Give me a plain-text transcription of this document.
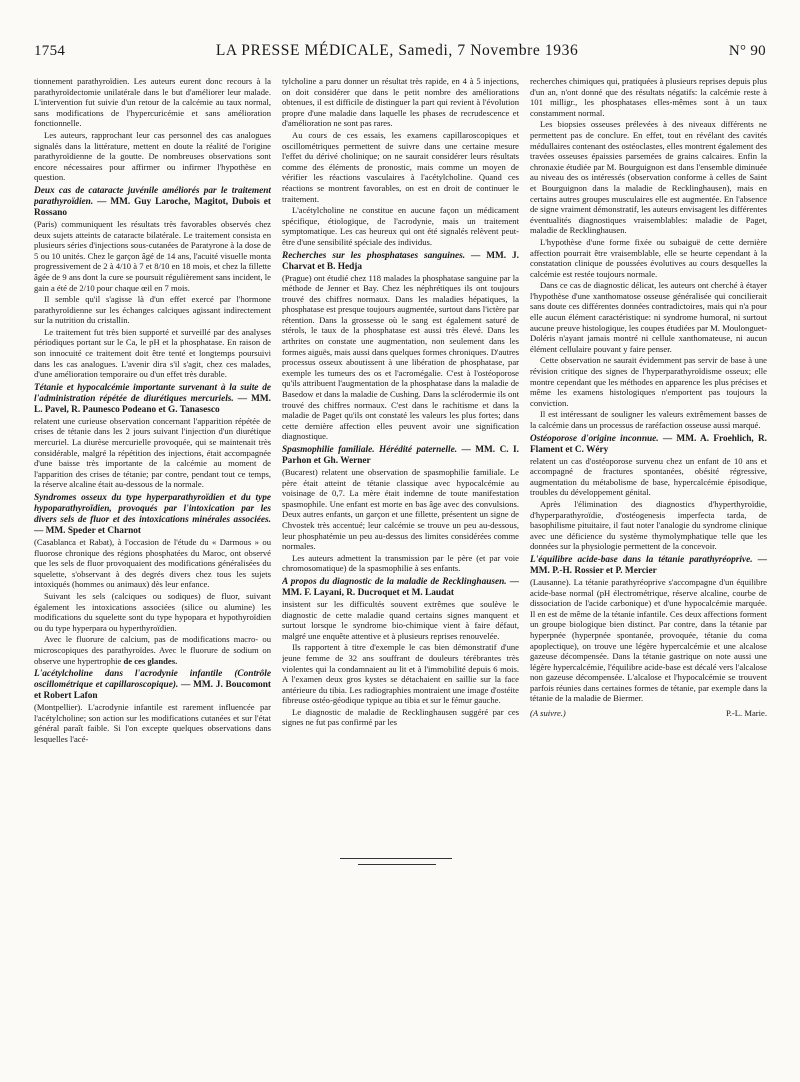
1754	LA PRESSE MÉDICALE, Samedi, 7 Novembre 1936	N° 90

tionnement parathyroïdien. Les auteurs eurent donc recours à la parathyroïdectomie unilatérale dans le but d'améliorer leur malade. L'intervention fut suivie d'un retour de la calcémie au taux normal, sans modifications de l'hypercuricémie et sans amélioration fonctionnelle.

Les auteurs, rapprochant leur cas personnel des cas analogues signalés dans la littérature, mettent en doute la réalité de l'origine parathyroïdienne de la goutte. De nombreuses observations sont encore nécessaires pour affirmer ou infirmer l'hypothèse en question.

Deux cas de cataracte juvénile améliorés par le traitement parathyroïdien. — MM. Guy Laroche, Magitot, Dubois et Rossano

(Paris) communiquent les résultats très favorables observés chez deux sujets atteints de cataracte bilatérale. Le traitement consista en plusieurs séries d'injections sous-cutanées de Paratyrone à la dose de 5 ou 10 unités. Chez le garçon âgé de 14 ans, l'acuité visuelle monta progressivement de 2 à 4/10 à 7 et 8/10 en 18 mois, et chez la fillette âgée de 9 ans dont la cure se poursuit régulièrement sans incident, le gain a été de 2/10 pour chaque œil en 7 mois.

Il semble qu'il s'agisse là d'un effet exercé par l'hormone parathyroïdienne sur les échanges calciques agissant indirectement sur la nutrition du cristallin.

Le traitement fut très bien supporté et surveillé par des analyses périodiques portant sur le Ca, le pH et la phosphatase. En raison de son innocuité ce traitement doit être tenté et longtemps poursuivi dans les cas analogues. L'avenir dira s'il s'agit, chez ces malades, d'une amélioration temporaire ou d'un effet très durable.

Tétanie et hypocalcémie importante survenant à la suite de l'administration répétée de diurétiques mercuriels. — MM. L. Pavel, R. Paunesco Podeano et G. Tanasesco

relatent une curieuse observation concernant l'apparition répétée de crises de tétanie dans les 2 jours suivant l'injection d'un diurétique mercuriel. La diurèse mercurielle provoquée, qui se maintenait très considérable, malgré la répétition des injections, était accompagnée d'une baisse très importante de la calcémie au moment de l'apparition des crises de tétanie; par contre, pendant tout ce temps, la réserve alcaline était au-dessous de la normale.

Syndromes osseux du type hyperparathyroïdien et du type hypoparathyroïdien, provoqués par l'intoxication par les divers sels de fluor et des intoxications minérales associées. — MM. Speder et Charnot

(Casablanca et Rabat), à l'occasion de l'étude du « Darmous » ou fluorose chronique des régions phosphatées du Maroc, ont observé que les sels de fluor provoquaient des modifications généralisées du squelette, s'observant à des degrés divers chez tous les sujets intoxiqués (hommes ou animaux) dès leur enfance.

Suivant les sels (calciques ou sodiques) de fluor, suivant également les intoxications associées (silice ou alumine) les modifications du squelette sont du type hypopara et hypothyroïdien ou du type hyperpara ou hyperthyroïdien.

Avec le fluorure de calcium, pas de modifications macro- ou microscopiques des parathyroïdes. Avec le fluorure de sodium on observe une hypertrophie de ces glandes.

L'acétylcholine dans l'acrodynie infantile (Contrôle oscillométrique et capillaroscopique). — MM. J. Boucomont et Robert Lafon

(Montpellier). L'acrodynie infantile est rarement influencée par l'acétylcholine; son action sur les modifications cutanées et sur l'état général paraît faible. Si l'on excepte quelques observations dans lesquelles l'acé-

tylcholine a paru donner un résultat très rapide, en 4 à 5 injections, on doit considérer que dans le petit nombre des améliorations obtenues, il est difficile de distinguer la part qui revient à l'évolution propre d'une maladie dans laquelle les phases de recrudescence et d'amélioration ne sont pas rares.

Au cours de ces essais, les examens capillaroscopiques et oscillométriques permettent de suivre dans une certaine mesure l'effet du dérivé cholinique; on ne saurait considérer leurs résultats comme des éléments de pronostic, mais comme un moyen de vérifier les réactions vasculaires à l'acétylcholine. Quand ces réactions se montrent favorables, on est en droit de continuer le traitement.

L'acétylcholine ne constitue en aucune façon un médicament spécifique, étiologique, de l'acrodynie, mais un traitement symptomatique. Les cas heureux qui ont été signalés relèvent peut-être d'une sensibilité spéciale des individus.

Recherches sur les phosphatases sanguines. — MM. J. Charvat et B. Hedja

(Prague) ont étudié chez 118 malades la phosphatase sanguine par la méthode de Jenner et Bay. Chez les néphrétiques ils ont toujours trouvé des chiffres normaux. Dans les maladies hépatiques, la phosphatase est presque toujours augmentée, surtout dans l'ictère par rétention. Dans la grossesse où le sang est également saturé de stérols, le taux de la phosphatase est aussi très élevé. Dans les arthrites on constate une augmentation, non seulement dans les formes aiguës, mais aussi dans quelques formes chroniques. D'autres processus osseux aboutissent à une libération de phosphatase, par exemple les tumeurs des os et l'acromégalie. C'est à l'ostéoporose qu'ils attribuent l'augmentation de la phosphatase dans la maladie de Basedow et dans la maladie de Cushing. Dans la sclérodermie ils ont trouvé des chiffres normaux. C'est dans le rachitisme et dans la maladie de Paget qu'ils ont constaté les valeurs les plus fortes; dans cette dernière affection elles peuvent avoir une signification diagnostique.

Spasmophilie familiale. Hérédité paternelle. — MM. C. I. Parhon et Gh. Werner

(Bucarest) relatent une observation de spasmophilie familiale. Le père était atteint de tétanie classique avec hypocalcémie au voisinage de 0,7. La mère était indemne de toute manifestation spasmophile. Une enfant est morte en bas âge avec des convulsions. Deux autres enfants, un garçon et une fillette, présentent un signe de Chvostek très accentué; leur calcémie se trouve un peu au-dessous, leur phosphatémie un peu au-dessus des limites considérées comme normales.

Les auteurs admettent la transmission par le père (et par voie chromosomatique) de la spasmophilie à ses enfants.

A propos du diagnostic de la maladie de Recklinghausen. — MM. F. Layani, R. Ducroquet et M. Laudat

insistent sur les difficultés souvent extrêmes que soulève le diagnostic de cette maladie quand certains signes manquent et surtout lorsque le syndrome bio-chimique vient à faire défaut, malgré une enquête attentive et à plusieurs reprises renouvelée.

Ils rapportent à titre d'exemple le cas bien démonstratif d'une jeune femme de 32 ans souffrant de douleurs térébrantes très violentes qui la condamnaient au lit et à l'immobilité depuis 6 mois. A l'examen deux gros kystes se détachaient en saillie sur la face antérieure du tibia. Les radiographies montraient une image d'ostéite fibreuse ostéo-géodique typique au tibia et sur le fémur gauche.

Le diagnostic de maladie de Recklinghausen suggéré par ces signes ne fut pas confirmé par les

recherches chimiques qui, pratiquées à plusieurs reprises depuis plus d'un an, n'ont donné que des résultats négatifs: la calcémie reste à 101 milligr., les phosphatases elles-mêmes sont à un taux constamment normal.

Les biopsies osseuses prélevées à des niveaux différents ne permettent pas de conclure. En effet, tout en révélant des cavités médullaires contenant des ostéoclastes, elles montrent également des travées osseuses épaissies parsemées de grains calcaires. Enfin la chronaxie étudiée par M. Bourguignon est dans l'ensemble diminuée au niveau des os intéressés (observation conforme à celles de Saint et Bourguignon dans la maladie de Recklinghausen), mais en certains autres groupes musculaires elle est augmentée. En l'absence de signe vraiment démonstratif, les auteurs envisagent les différentes éventualités diagnostiques vraisemblables: maladie de Paget, maladie de Recklinghausen.

L'hypothèse d'une forme fixée ou subaiguë de cette dernière affection pourrait être vraisemblable, elle se heurte cependant à la constatation clinique de poussées évolutives au cours desquelles la calcémie est restée toujours normale.

Dans ce cas de diagnostic délicat, les auteurs ont cherché à étayer l'hypothèse d'une xanthomatose osseuse généralisée qui concilierait sans doute ces différentes données contradictoires, mais qui n'a pour elle aucun élément caractéristique: ni syndrome humoral, ni surtout aucune preuve histologique, les coupes étudiées par M. Moulonguet-Doléris n'ayant jamais montré ni cellule xanthomateuse, ni aucun élément cellulaire pouvant y faire penser.

Cette observation ne saurait évidemment pas servir de base à une révision critique des signes de l'hyperparathyroïdisme osseux; elle montre cependant que les méthodes en apparence les plus précises et même les examens histologiques n'emportent pas toujours la conviction.

Il est intéressant de souligner les valeurs extrêmement basses de la calcémie dans un processus de raréfaction osseuse aussi marqué.

Ostéoporose d'origine inconnue. — MM. A. Froehlich, R. Flament et C. Wéry

relatent un cas d'ostéoporose survenu chez un enfant de 10 ans et accompagné de fractures spontanées, obésité régressive, augmentation du métabolisme de base, hypercalcémie épisodique, troubles du développement génital.

Après l'élimination des diagnostics d'hyperthyroïdie, d'hyperparathyroïdie, d'ostéogenesis imperfecta tarda, de basophilisme pituitaire, il faut noter l'analogie du syndrome clinique avec une déficience du système thymolymphatique telle que les données sur la physiologie permettent de la concevoir.

L'équilibre acide-base dans la tétanie parathyréoprive. — MM. P.-H. Rossier et P. Mercier

(Lausanne). La tétanie parathyréoprive s'accompagne d'un équilibre acide-base normal (pH électrométrique, réserve alcaline, courbe de dissociation de l'acide carbonique) et d'une hypocalcémie marquée. Il en est de même de la tétanie infantile. Ces deux affections forment un groupe biologique bien distinct. Par contre, dans la tétanie par hyperpnée (hyperpnée spontanée, provoquée, tétanie du coma apoplectique), on trouve une légère hypercalcémie et une alcalose gazeuse décompensée. Dans la tétanie gastrique on note aussi une légère hypercalcémie, l'équilibre acide-base est décalé vers l'alcalose non gazeuse décompensée. L'alcalose et l'hypocalcémie se trouvent parfois réunies dans certaines formes de tétanie, par exemple dans la tétanie de la maladie de Biermer.

(A suivre.)	P.-L. Marie.
